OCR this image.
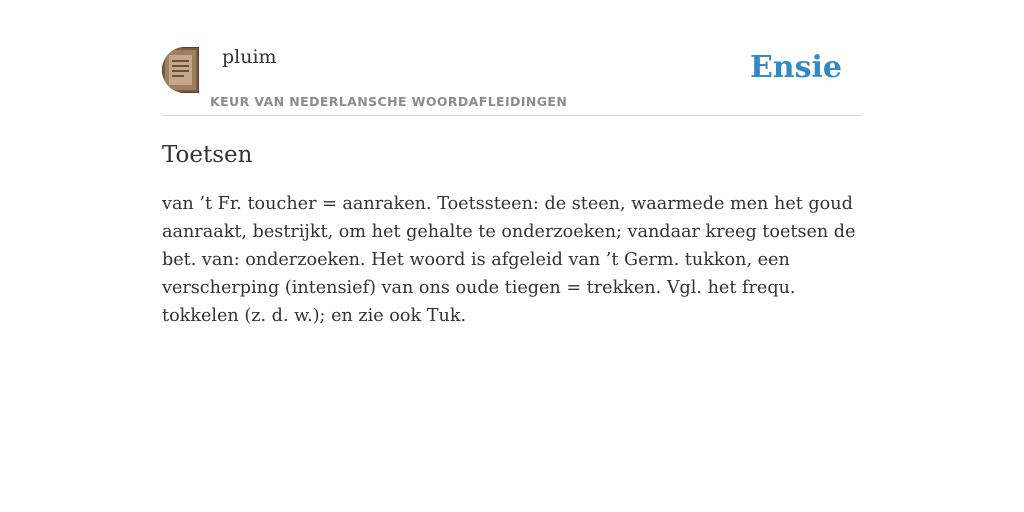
pluim
KEUR VAN NEDERLANSCHE WOORDAFLEIDINGEN
Ensie
Toetsen

van ’t Fr. toucher = aanraken. Toetssteen: de steen, waarmede men het goud aanraakt, bestrijkt, om het gehalte te onderzoeken; vandaar kreeg toetsen de bet. van: onderzoeken. Het woord is afgeleid van ’t Germ. tukkon, een verscherping (intensief) van ons oude tiegen = trekken. Vgl. het frequ. tokkelen (z. d. w.); en zie ook Tuk.
